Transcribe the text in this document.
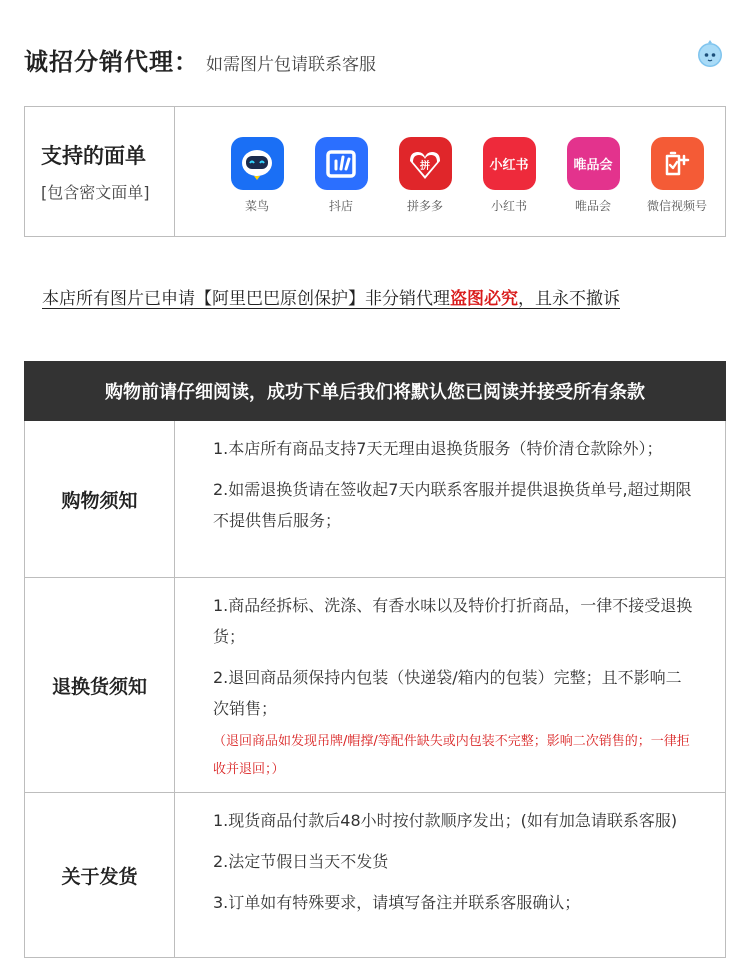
诚招分销代理 ： 如需图片包请联系客服
支持的面单
[包含密文面单]
菜鸟	抖店
拼
拼多多
小红书
小红书
唯品会
唯品会	微信视频号
本店所有图片已申请【阿里巴巴原创保护】非分销代理盗图必究，且永不撤诉
购物前请仔细阅读，成功下单后我们将默认您已阅读并接受所有条款
购物须知

1.本店所有商品支持7天无理由退换货服务（特价清仓款除外）；

2.如需退换货请在签收起7天内联系客服并提供退换货单号,超过期限不提供售后服务；

退换货须知

1.商品经拆标、洗涤、有香水味以及特价打折商品，一律不接受退换货；

2.退回商品须保持内包装（快递袋/箱内的包装）完整；且不影响二次销售；

（退回商品如发现吊牌/帽撑/等配件缺失或内包装不完整；影响二次销售的；一律拒收并退回；）

关于发货

1.现货商品付款后48小时按付款顺序发出；(如有加急请联系客服)

2.法定节假日当天不发货

3.订单如有特殊要求，请填写备注并联系客服确认；
